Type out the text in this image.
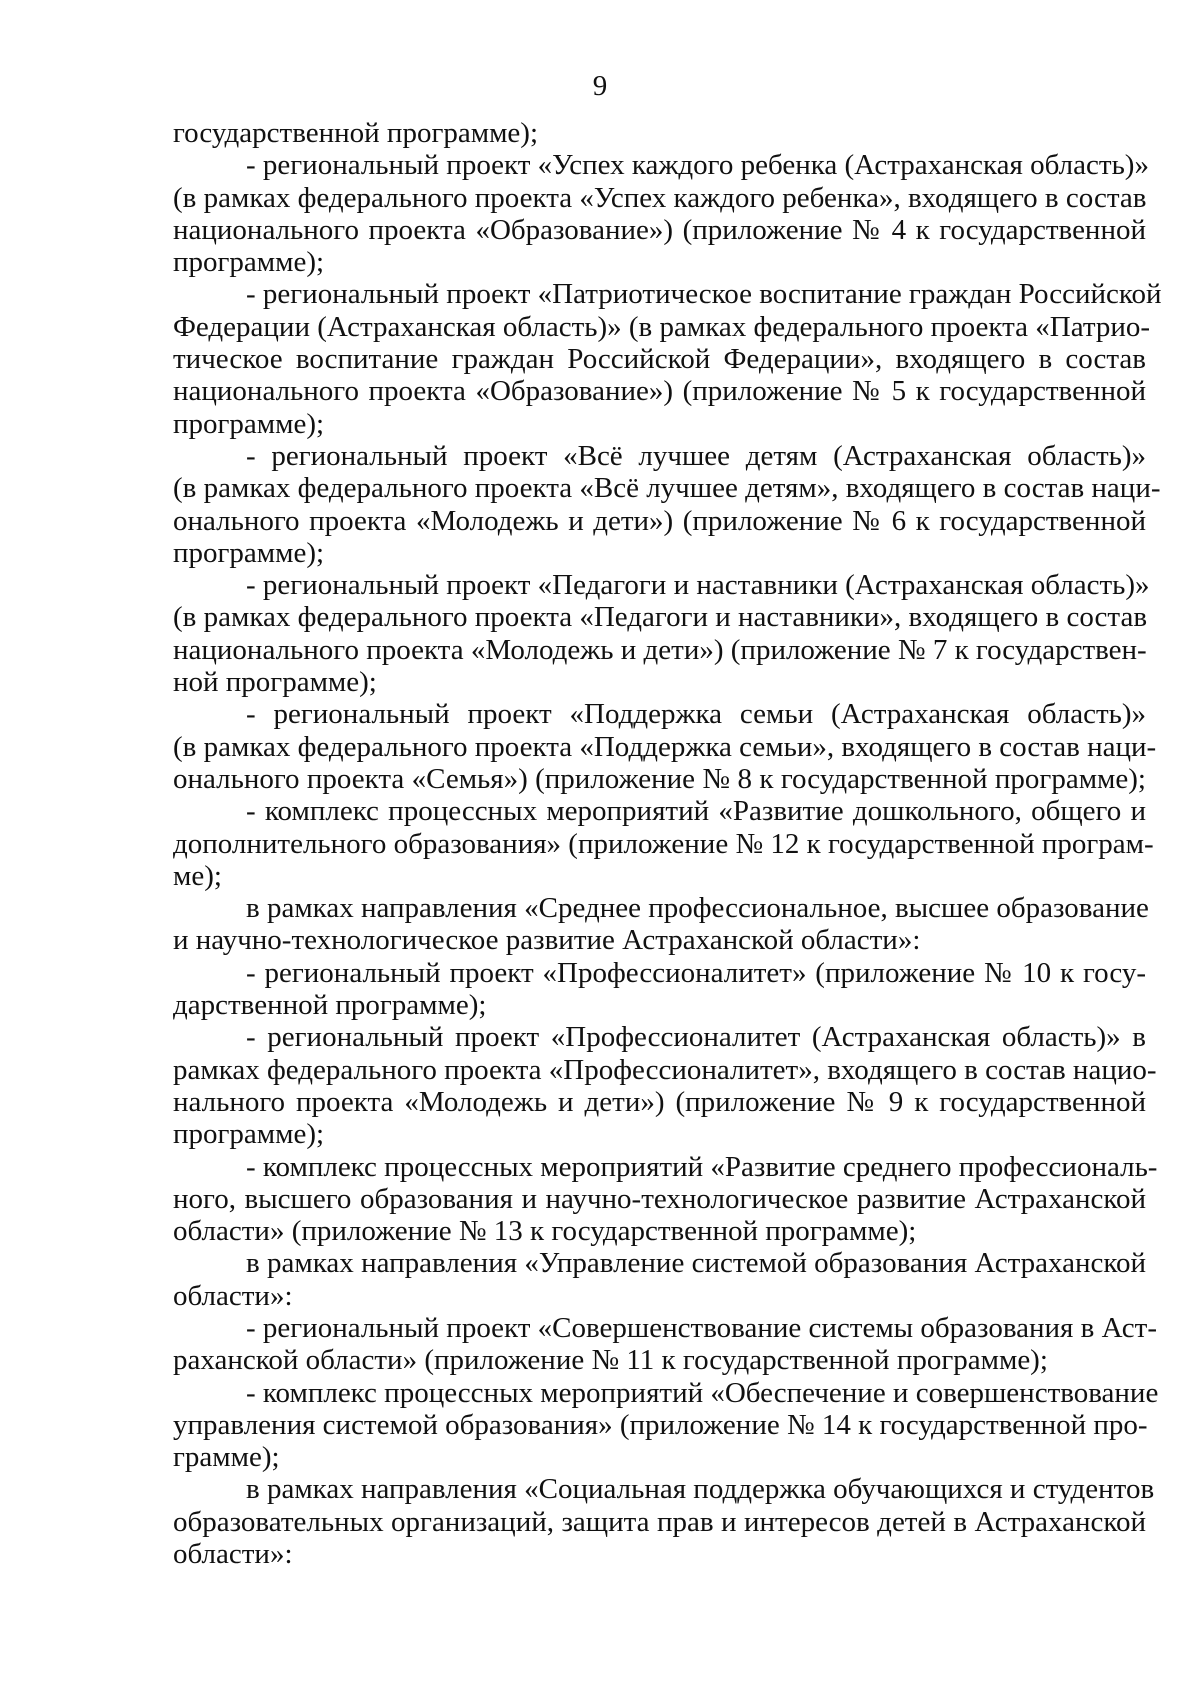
9
государственной программе);
- региональный проект «Успех каждого ребенка (Астраханская область)»
(в рамках федерального проекта «Успех каждого ребенка», входящего в состав
национального проекта «Образование») (приложение № 4 к государственной
программе);
- региональный проект «Патриотическое воспитание граждан Российской
Федерации (Астраханская область)» (в рамках федерального проекта «Патрио-
тическое воспитание граждан Российской Федерации», входящего в состав
национального проекта «Образование») (приложение № 5 к государственной
программе);
- региональный проект «Всё лучшее детям (Астраханская область)»
(в рамках федерального проекта «Всё лучшее детям», входящего в состав наци-
онального проекта «Молодежь и дети») (приложение № 6 к государственной
программе);
- региональный проект «Педагоги и наставники (Астраханская область)»
(в рамках федерального проекта «Педагоги и наставники», входящего в состав
национального проекта «Молодежь и дети») (приложение № 7 к государствен-
ной программе);
- региональный проект «Поддержка семьи (Астраханская область)»
(в рамках федерального проекта «Поддержка семьи», входящего в состав наци-
онального проекта «Семья») (приложение № 8 к государственной программе);
- комплекс процессных мероприятий «Развитие дошкольного, общего и
дополнительного образования» (приложение № 12 к государственной програм-
ме);
в рамках направления «Среднее профессиональное, высшее образование
и научно-технологическое развитие Астраханской области»:
- региональный проект «Профессионалитет» (приложение № 10 к госу-
дарственной программе);
- региональный проект «Профессионалитет (Астраханская область)» в
рамках федерального проекта «Профессионалитет», входящего в состав нацио-
нального проекта «Молодежь и дети») (приложение № 9 к государственной
программе);
- комплекс процессных мероприятий «Развитие среднего профессиональ-
ного, высшего образования и научно-технологическое развитие Астраханской
области» (приложение № 13 к государственной программе);
в рамках направления «Управление системой образования Астраханской
области»:
- региональный проект «Совершенствование системы образования в Аст-
раханской области» (приложение № 11 к государственной программе);
- комплекс процессных мероприятий «Обеспечение и совершенствование
управления системой образования» (приложение № 14 к государственной про-
грамме);
в рамках направления «Социальная поддержка обучающихся и студентов
образовательных организаций, защита прав и интересов детей в Астраханской
области»:
